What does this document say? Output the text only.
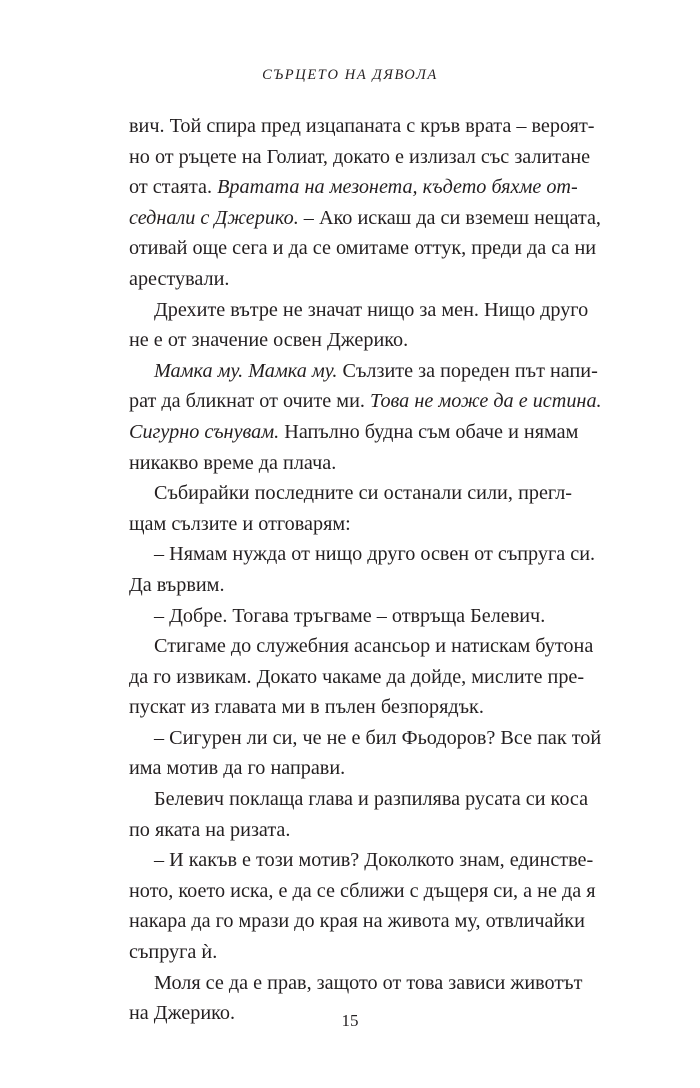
СЪРЦЕТО НА ДЯВОЛА
вич. Той спира пред изцапаната с кръв врата – вероят-
но от ръцете на Голиат, докато е излизал със залитане
от стаята. Вратата на мезонета, където бяхме от-
седнали с Джерико. – Ако искаш да си вземеш нещата,
отивай още сега и да се омитаме оттук, преди да са ни
арестували.
Дрехите вътре не значат нищо за мен. Нищо друго
не е от значение освен Джерико.
Мамка му. Мамка му. Сълзите за пореден път напи-
рат да бликнат от очите ми. Това не може да е истина.
Сигурно сънувам. Напълно будна съм обаче и нямам
никакво време да плача.
Събирайки последните си останали сили, прегл-
щам сълзите и отговарям:
– Нямам нужда от нищо друго освен от съпруга си.
Да вървим.
– Добре. Тогава тръгваме – отвръща Белевич.
Стигаме до служебния асансьор и натискам бутона
да го извикам. Докато чакаме да дойде, мислите пре-
пускат из главата ми в пълен безпорядък.
– Сигурен ли си, че не е бил Фьодоров? Все пак той
има мотив да го направи.
Белевич поклаща глава и разпилява русата си коса
по яката на ризата.
– И какъв е този мотив? Доколкото знам, единстве-
ното, което иска, е да се сближи с дъщеря си, а не да я
накара да го мрази до края на живота му, отвличайки
съпруга ѝ.
Моля се да е прав, защото от това зависи животът
на Джерико.	15
